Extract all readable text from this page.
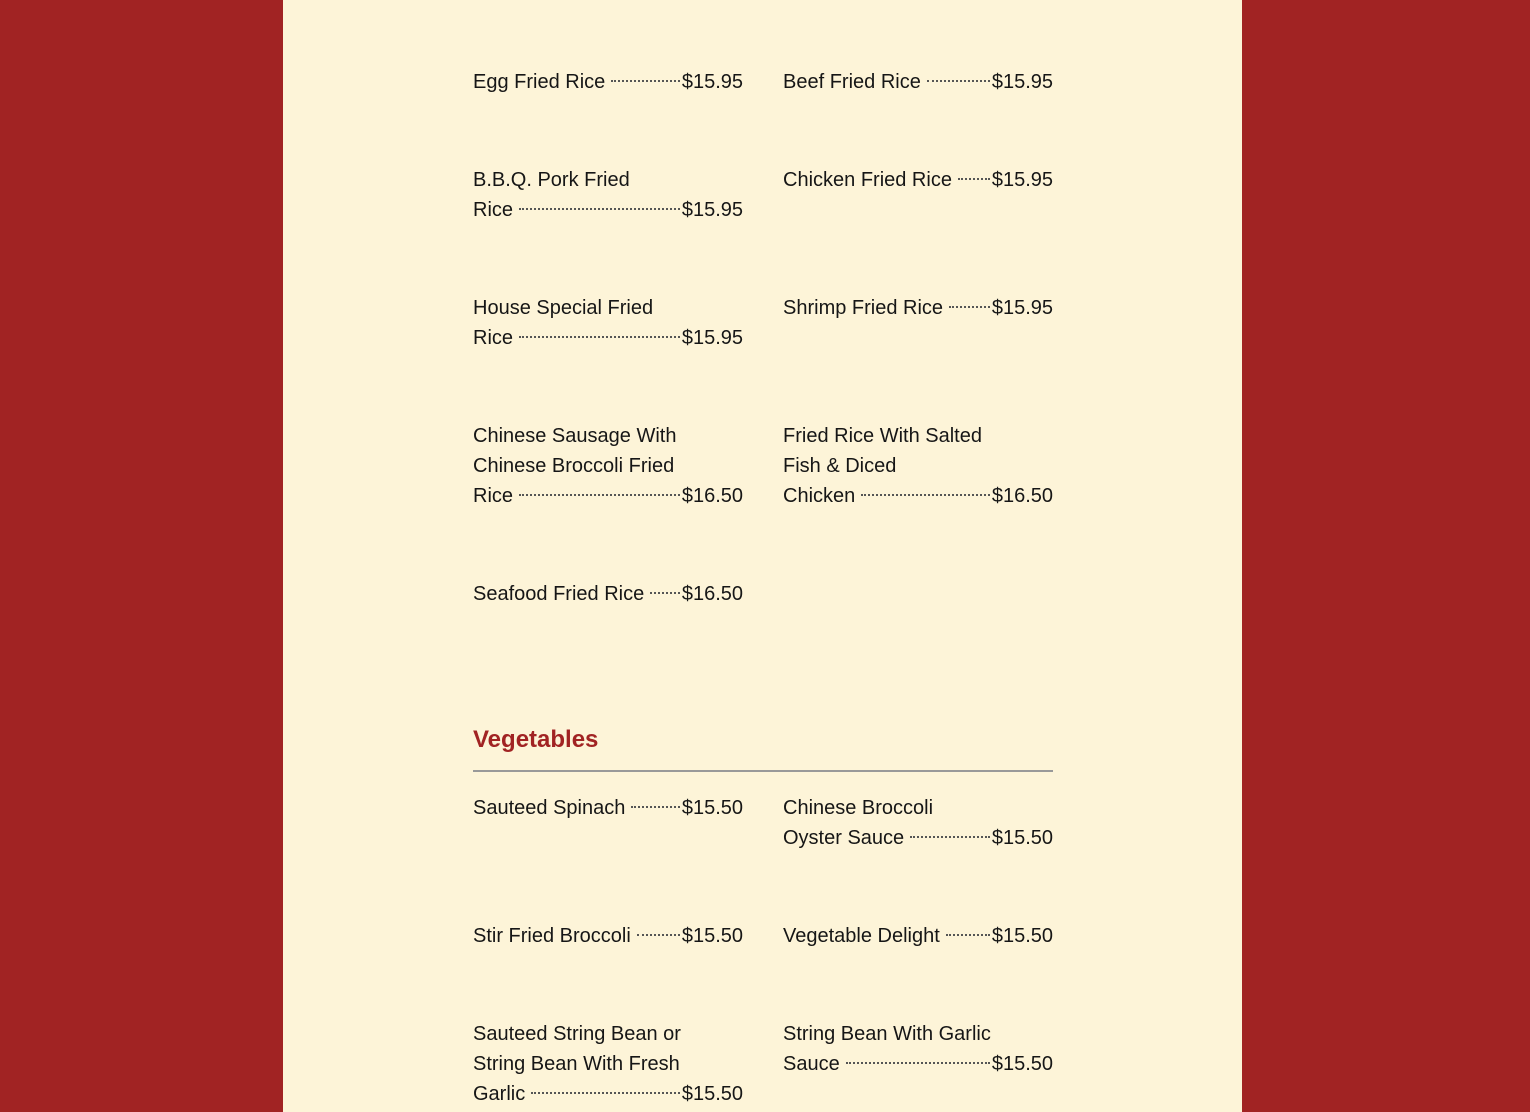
Egg Fried Rice	$15.95 Beef Fried Rice	$15.95
B.B.Q. Pork Fried
Rice	$15.95
Chicken Fried Rice $15.95
House Special Fried
Rice	$15.95
Shrimp Fried Rice $15.95
Chinese Sausage With
Chinese Broccoli Fried
Rice	$16.50
Fried Rice With Salted
Fish & Diced
Chicken	$16.50
Seafood Fried Rice $16.50
Vegetables
Sauteed Spinach	$15.50 Chinese Broccoli
Oyster Sauce	$15.50
Stir Fried Broccoli	$15.50 Vegetable Delight	$15.50
Sauteed String Bean or
String Bean With Fresh
Garlic	$15.50
String Bean With Garlic
Sauce	$15.50
